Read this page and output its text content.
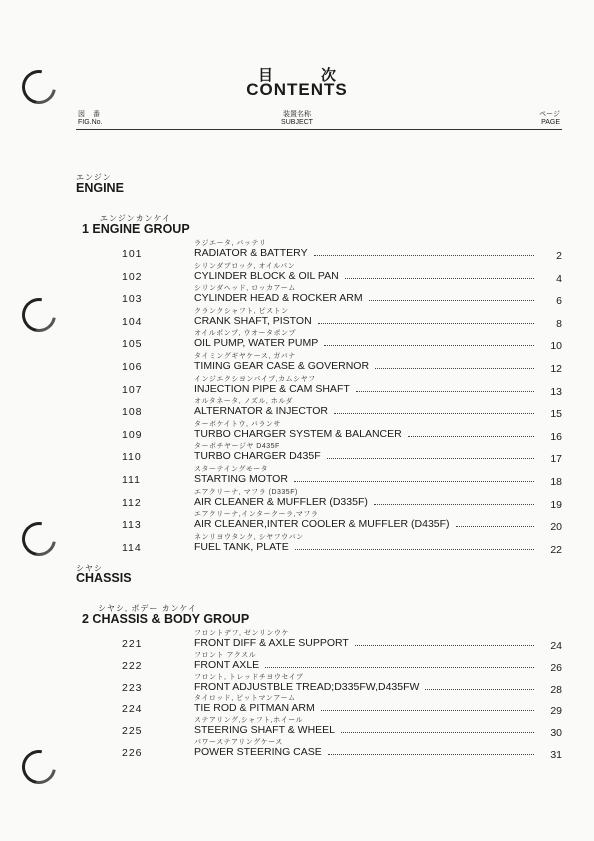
目次
CONTENTS
図 番
FIG.No.
装置名称
SUBJECT
ページ
PAGE
エンジン
ENGINE
エンジンカンケイ
1 ENGINE GROUP
101
ラジエータ, バッテリ
RADIATOR & BATTERY	2
102
シリンダブロック, オイルパン
CYLINDER BLOCK & OIL PAN	4
103
シリンダヘッド, ロッカアーム
CYLINDER HEAD & ROCKER ARM	6
104
クランクシャフト, ピストン
CRANK SHAFT, PISTON	8
105
オイルポンプ, ウオータポンプ
OIL PUMP, WATER PUMP	10
106
タイミングギヤケース, ガバナ
TIMING GEAR CASE & GOVERNOR	12
107
インジエクシヨンパイプ,カムシヤフ
INJECTION PIPE & CAM SHAFT	13
108
オルタネータ, ノズル, ホルダ
ALTERNATOR & INJECTOR	15
109
ターボケイトウ, バランサ
TURBO CHARGER SYSTEM & BALANCER	16
110
ターボチヤージヤ D435F
TURBO CHARGER D435F	17
111
スターテイングモータ
STARTING MOTOR	18
112
エアクリーナ, マフラ (D335F)
AIR CLEANER & MUFFLER (D335F)	19
113
エアクリーナ,インタークーラ,マフラ
AIR CLEANER,INTER COOLER & MUFFLER (D435F)	20
114
ネンリヨウタンク, シヤフウバン
FUEL TANK, PLATE	22
シヤシ
CHASSIS
シヤシ, ボデー カンケイ
2 CHASSIS & BODY GROUP
221
フロントデフ, ゼンリンウケ
FRONT DIFF & AXLE SUPPORT	24
222
フロント アクスル
FRONT AXLE	26
223
フロント, トレッドチヨウセイブ
FRONT ADJUSTBLE TREAD;D335FW,D435FW	28
224
タイロッド, ピットマンアーム
TIE ROD & PITMAN ARM	29
225
ステアリング,シャフト,ホイール
STEERING SHAFT & WHEEL	30
226
パワーステアリングケース
POWER STEERING CASE	31
